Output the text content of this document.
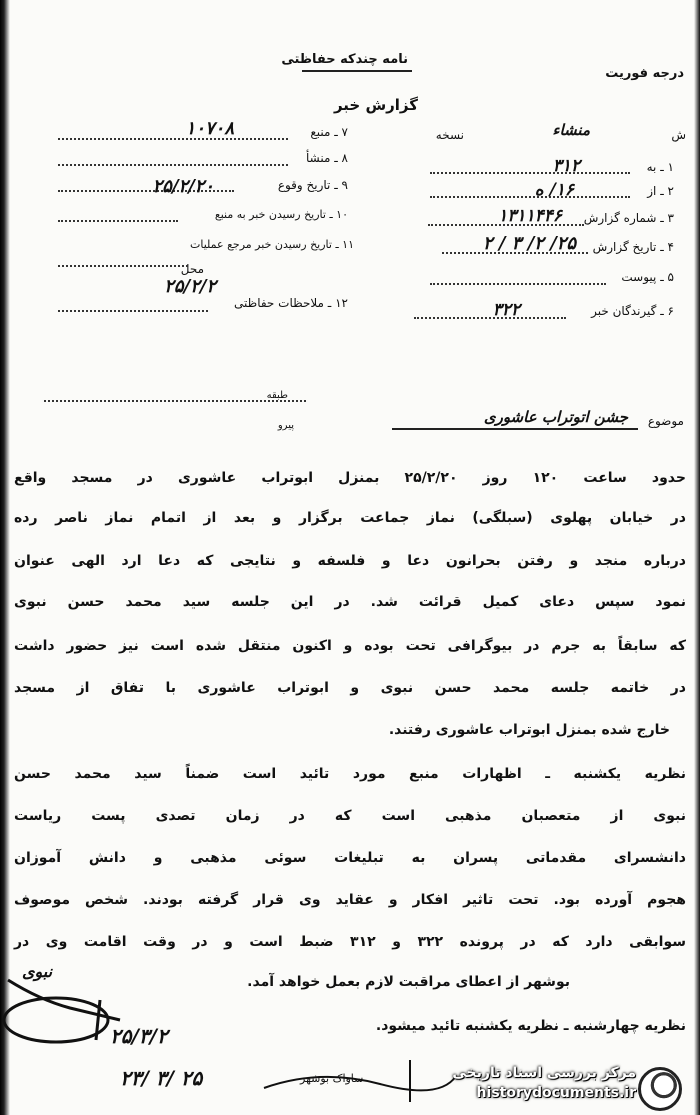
درجه فوریت
نامه چندکه حفاظتی
گزارش خبر
ش
نسخه	منشاء
۱ ـ به
۳۱۲
۲ ـ از
۱۶/ ه
۳ ـ شماره گزارش
۱۳۱۱۴۴۶
۴ ـ تاریخ گزارش
۲۵/ ۲/ ۳ / ۲
۵ ـ پیوست
۶ ـ گیرندگان خبر
۳۲۲
۷ ـ منبع
۱۰۷۰۸
۸ ـ منشأ
۹ ـ تاریخ وقوع
۲۵/۲/۲۰
۱۰ ـ تاریخ رسیدن خبر به منبع
۱۱ ـ تاریخ رسیدن خبر مرجع عملیات
محل
۲۵/۲/۲
۱۲ ـ ملاحظات حفاظتی
طبقه
پیرو	موضوع
جشن اتوتراب عاشوری
حدود ساعت ۱۲۰ روز ۲۵/۲/۲۰ بمنزل ابوتراب عاشوری در مسجد واقع
در خیابان پهلوی (سبلگی) نماز جماعت برگزار و بعد از اتمام نماز ناصر رده
درباره منجد و رفتن بحرانون دعا و فلسفه و نتایجی که دعا ارد الهی عنوان
نمود سپس دعای کمیل قرائت شد. در این جلسه سید محمد حسن نبوی
که سابقاً به جرم در بیوگرافی تحت بوده و اکنون منتقل شده است نیز حضور داشت
در خاتمه جلسه محمد حسن نبوی و ابوتراب عاشوری با تفاق از مسجد
خارج شده بمنزل ابوتراب عاشوری رفتند.
نظریه یکشنبه ـ اظهارات منبع مورد تائید است ضمناً سید محمد حسن
نبوی از متعصبان مذهبی است که در زمان تصدی پست ریاست
دانشسرای مقدماتی پسران به تبلیغات سوئی مذهبی و دانش آموزان
هجوم آورده بود. تحت تاثیر افکار و عقاید وی قرار گرفته بودند. شخص موصوف
سوابقی دارد که در پرونده ۳۲۲ و ۳۱۲ ضبط است و در وقت اقامت وی در
بوشهر از اعطای مراقبت لازم بعمل خواهد آمد.
نظریه چهارشنبه ـ نظریه یکشنبه تائید میشود.
نبوی
۲۵/۳/۲
۲۳/ ۳/ ۲۵	ساواک بوشهر	مرکز بررسی اسناد تاریخی
historydocuments.ir
